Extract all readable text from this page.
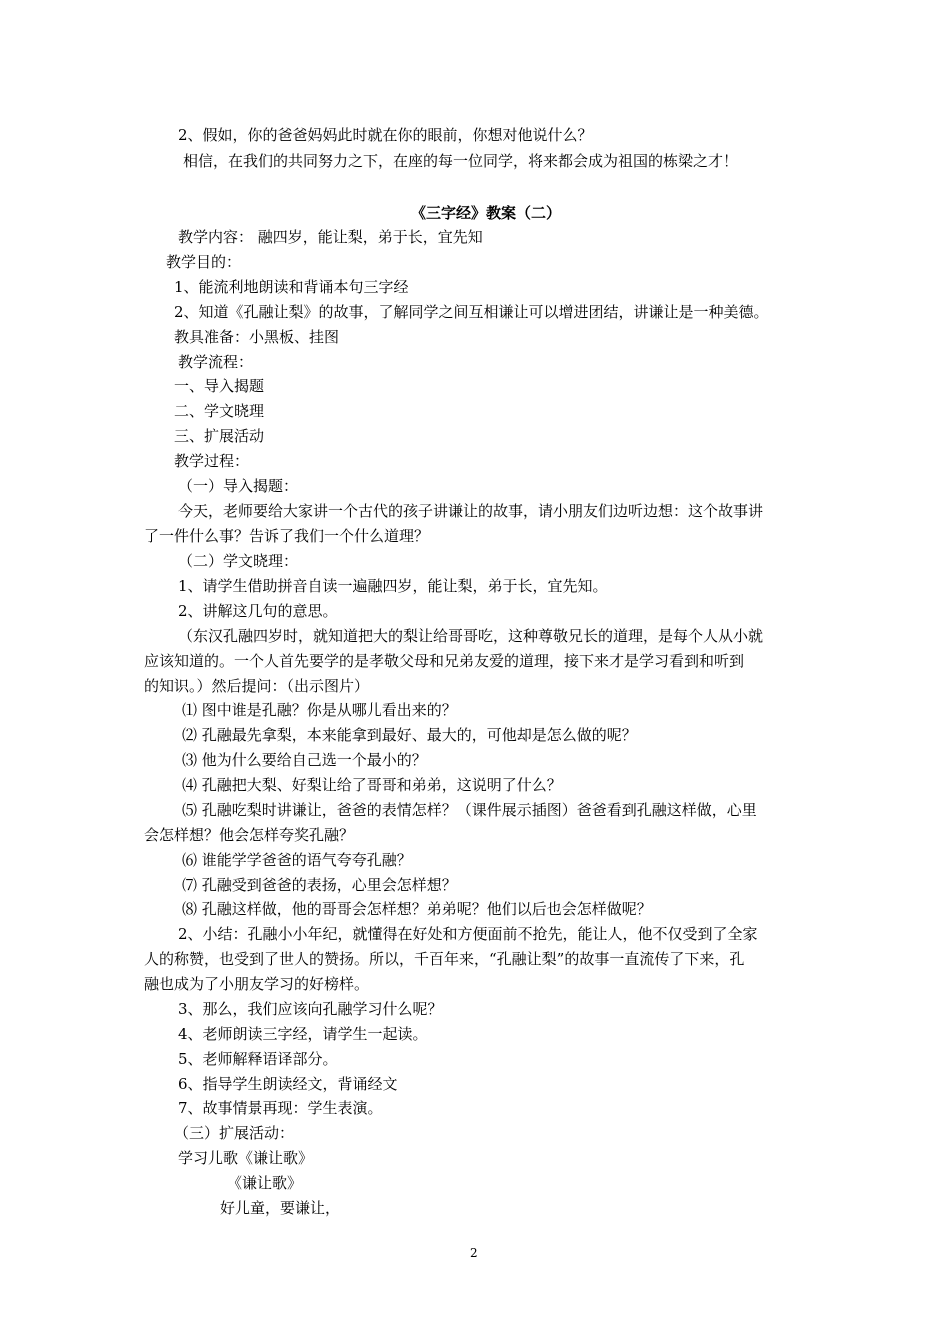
2、假如，你的爸爸妈妈此时就在你的眼前，你想对他说什么？
相信，在我们的共同努力之下，在座的每一位同学，将来都会成为祖国的栋梁之才！
《三字经》教案（二）
教学内容： 融四岁，能让梨，弟于长，宜先知
教学目的：
1、能流利地朗读和背诵本句三字经
2、知道《孔融让梨》的故事，了解同学之间互相谦让可以增进团结，讲谦让是一种美德。
教具准备：小黑板、挂图
教学流程：
一、导入揭题
二、学文晓理
三、扩展活动
教学过程：
（一）导入揭题：
今天，老师要给大家讲一个古代的孩子讲谦让的故事，请小朋友们边听边想：这个故事讲
了一件什么事？告诉了我们一个什么道理？
（二）学文晓理：
1、请学生借助拼音自读一遍融四岁，能让梨，弟于长，宜先知。
2、讲解这几句的意思。
（东汉孔融四岁时，就知道把大的梨让给哥哥吃，这种尊敬兄长的道理，是每个人从小就
应该知道的。一个人首先要学的是孝敬父母和兄弟友爱的道理，接下来才是学习看到和听到
的知识。）然后提问：（出示图片）
⑴ 图中谁是孔融？你是从哪儿看出来的？
⑵ 孔融最先拿梨，本来能拿到最好、最大的，可他却是怎么做的呢？
⑶ 他为什么要给自己选一个最小的？
⑷ 孔融把大梨、好梨让给了哥哥和弟弟，这说明了什么？
⑸ 孔融吃梨时讲谦让，爸爸的表情怎样？（课件展示插图）爸爸看到孔融这样做，心里
会怎样想？他会怎样夸奖孔融？
⑹ 谁能学学爸爸的语气夸夸孔融？
⑺ 孔融受到爸爸的表扬，心里会怎样想？
⑻ 孔融这样做，他的哥哥会怎样想？弟弟呢？他们以后也会怎样做呢？
2、小结：孔融小小年纪，就懂得在好处和方便面前不抢先，能让人，他不仅受到了全家
人的称赞，也受到了世人的赞扬。所以，千百年来，“孔融让梨”的故事一直流传了下来，孔
融也成为了小朋友学习的好榜样。
3、那么，我们应该向孔融学习什么呢？
4、老师朗读三字经，请学生一起读。
5、老师解释语译部分。
6、指导学生朗读经文，背诵经文
7、故事情景再现：学生表演。
（三）扩展活动：
学习儿歌《谦让歌》
《谦让歌》
好儿童，要谦让，
2
